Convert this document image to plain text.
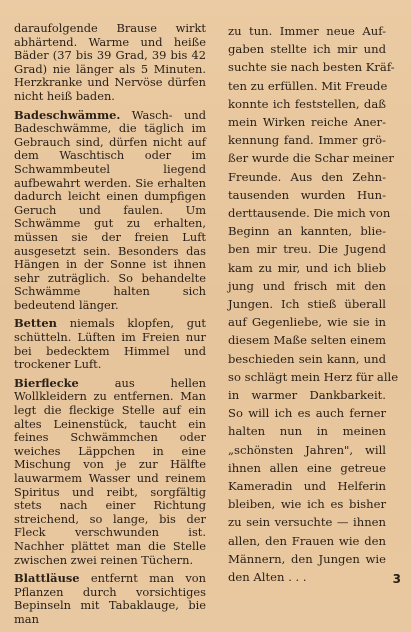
daraufolgende Brause wirkt abhärtend. Warme und heiße Bäder (37 bis 39 Grad, 39 bis 42 Grad) nie länger als 5 Minuten. Herzkranke und Nervöse dürfen nicht heiß baden.

Badeschwämme. Wasch- und Badeschwämme, die täglich im Gebrauch sind, dürfen nicht auf dem Waschtisch oder im Schwammbeutel liegend aufbewahrt werden. Sie erhalten dadurch leicht einen dumpfigen Geruch und faulen. Um Schwämme gut zu erhalten, müssen sie der freien Luft ausgesetzt sein. Besonders das Hängen in der Sonne ist ihnen sehr zuträglich. So behandelte Schwämme halten sich bedeutend länger.

Betten niemals klopfen, gut schütteln. Lüften im Freien nur bei bedecktem Himmel und trockener Luft.

Bierflecke aus hellen Wollkleidern zu entfernen. Man legt die fleckige Stelle auf ein altes Leinenstück, taucht ein feines Schwämmchen oder weiches Läppchen in eine Mischung von je zur Hälfte lauwarmem Wasser und reinem Spiritus und reibt, sorgfältig stets nach einer Richtung streichend, so lange, bis der Fleck verschwunden ist. Nachher plättet man die Stelle zwischen zwei reinen Tüchern.

Blattläuse entfernt man von Pflanzen durch vorsichtiges Bepinseln mit Tabaklauge, bie man

zu tun. Immer neue Auf-
gaben stellte ich mir und
suchte sie nach besten Kräf-
ten zu erfüllen. Mit Freude
konnte ich feststellen, daß
mein Wirken reiche Aner-
kennung fand. Immer grö-
ßer wurde die Schar meiner
Freunde. Aus den Zehn-
tausenden wurden Hun-
derttausende. Die mich von
Beginn an kannten, blie-
ben mir treu. Die Jugend
kam zu mir, und ich blieb
jung und frisch mit den
Jungen. Ich stieß überall
auf Gegenliebe, wie sie in
diesem Maße selten einem
beschieden sein kann, und
so schlägt mein Herz für alle
in warmer Dankbarkeit.
So will ich es auch ferner
halten nun in meinen
„schönsten Jahren", will
ihnen allen eine getreue
Kameradin und Helferin
bleiben, wie ich es bisher
zu sein versuchte — ihnen
allen, den Frauen wie den
Männern, den Jungen wie
den Alten . . .	3
